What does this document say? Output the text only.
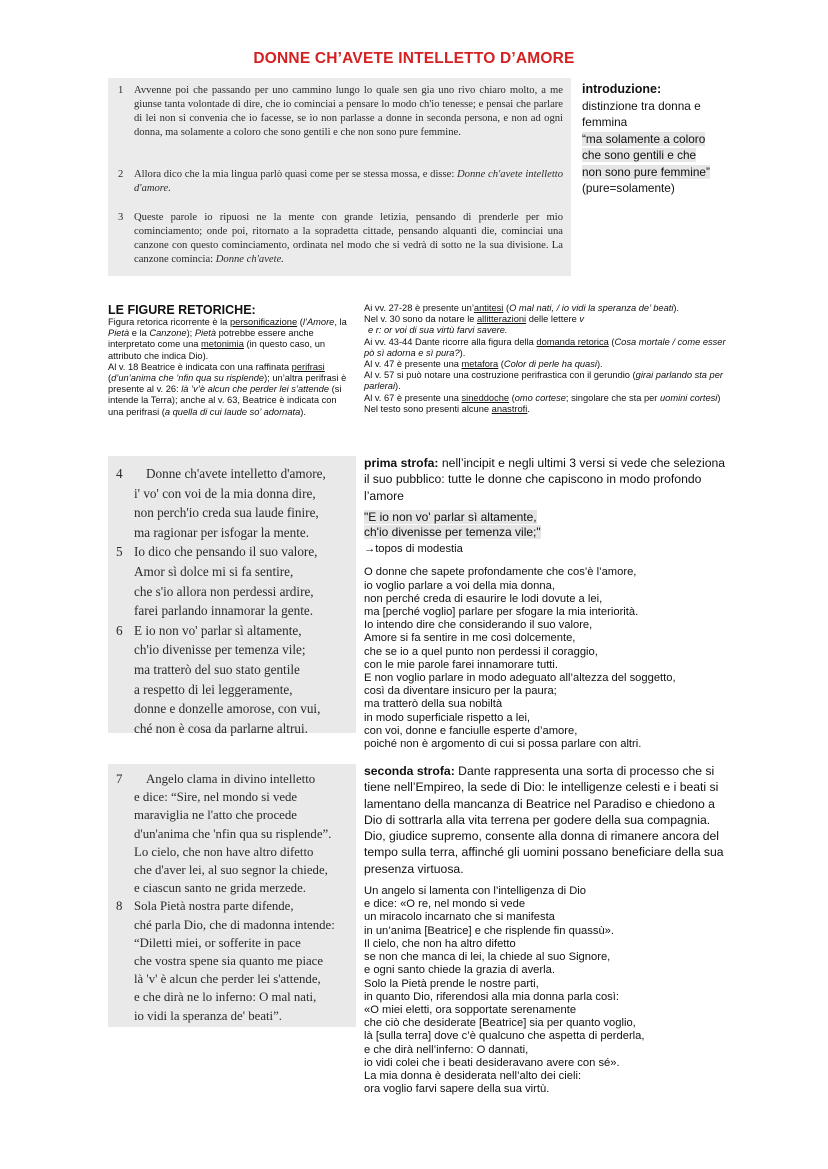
DONNE CH’AVETE INTELLETTO D’AMORE
1 Avvenne poi che passando per uno cammino lungo lo quale sen gia uno rivo chiaro molto, a me giunse tanta volontade di dire, che io cominciai a pensare lo modo ch'io tenesse; e pensai che parlare di lei non si convenia che io facesse, se io non parlasse a donne in seconda persona, e non ad ogni donna, ma solamente a coloro che sono gentili e che non sono pure femmine.
2 Allora dico che la mia lingua parlò quasi come per se stessa mossa, e disse: Donne ch'avete intelletto d'amore.
3 Queste parole io ripuosi ne la mente con grande letizia, pensando di prenderle per mio cominciamento; onde poi, ritornato a la sopradetta cittade, pensando alquanti die, cominciai una canzone con questo cominciamento, ordinata nel modo che si vedrà di sotto ne la sua divisione. La canzone comincia: Donne ch'avete.
introduzione:
distinzione tra donna e femmina
“ma solamente a coloro
che sono gentili e che
non sono pure femmine”
(pure=solamente)
LE FIGURE RETORICHE:
Figura retorica ricorrente è la personificazione (l’Amore, la Pietà e la Canzone); Pietà potrebbe essere anche interpretato come una metonimia (in questo caso, un attributo che indica Dio).
Al v. 18 Beatrice è indicata con una raffinata perifrasi (d’un’anima che ’nfin qua su risplende); un’altra perifrasi è presente al v. 26: là ’v’è alcun che perder lei s’attende (si intende la Terra); anche al v. 63, Beatrice è indicata con una perifrasi (a quella di cui laude so’ adornata).
Ai vv. 27-28 è presente un’antitesi (O mal nati, / io vidi la speranza de’ beati).
Nel v. 30 sono da notare le allitterazioni delle lettere v
e r: or voi di sua virtù farvi savere.
Ai vv. 43-44 Dante ricorre alla figura della domanda retorica (Cosa mortale / come esser pò sì adorna e sì pura?).
Al v. 47 è presente una metafora (Color di perle ha quasi).
Al v. 57 si può notare una costruzione perifrastica con il gerundio (girai parlando sta per parlerai).
Al v. 67 è presente una sineddoche (omo cortese; singolare che sta per uomini cortesi)
Nel testo sono presenti alcune anastrofi.
4 Donne ch'avete intelletto d'amore,
i' vo' con voi de la mia donna dire,
non perch'io creda sua laude finire,
ma ragionar per isfogar la mente.
5 Io dico che pensando il suo valore,
Amor sì dolce mi si fa sentire,
che s'io allora non perdessi ardire,
farei parlando innamorar la gente.
6 E io non vo' parlar sì altamente,
ch'io divenisse per temenza vile;
ma tratterò del suo stato gentile
a respetto di lei leggeramente,
donne e donzelle amorose, con vui,
ché non è cosa da parlarne altrui.
prima strofa: nell’incipit e negli ultimi 3 versi si vede che seleziona il suo pubblico: tutte le donne che capiscono in modo profondo l’amore
"E io non vo' parlar sì altamente,
ch'io divenisse per temenza vile;"
→topos di modestia
O donne che sapete profondamente che cos’è l’amore,
io voglio parlare a voi della mia donna,
non perché creda di esaurire le lodi dovute a lei,
ma [perché voglio] parlare per sfogare la mia interiorità.
Io intendo dire che considerando il suo valore,
Amore si fa sentire in me così dolcemente,
che se io a quel punto non perdessi il coraggio,
con le mie parole farei innamorare tutti.
E non voglio parlare in modo adeguato all’altezza del soggetto,
così da diventare insicuro per la paura;
ma tratterò della sua nobiltà
in modo superficiale rispetto a lei,
con voi, donne e fanciulle esperte d’amore,
poiché non è argomento di cui si possa parlare con altri.
7 Angelo clama in divino intelletto
e dice: “Sire, nel mondo si vede
maraviglia ne l'atto che procede
d'un'anima che 'nfin qua su risplende”.
Lo cielo, che non have altro difetto
che d'aver lei, al suo segnor la chiede,
e ciascun santo ne grida merzede.
8 Sola Pietà nostra parte difende,
ché parla Dio, che di madonna intende:
“Diletti miei, or sofferite in pace
che vostra spene sia quanto me piace
là 'v' è alcun che perder lei s'attende,
e che dirà ne lo inferno: O mal nati,
io vidi la speranza de' beati”.
seconda strofa: Dante rappresenta una sorta di processo che si tiene nell’Empireo, la sede di Dio: le intelligenze celesti e i beati si lamentano della mancanza di Beatrice nel Paradiso e chiedono a Dio di sottrarla alla vita terrena per godere della sua compagnia. Dio, giudice supremo, consente alla donna di rimanere ancora del tempo sulla terra, affinché gli uomini possano beneficiare della sua presenza virtuosa.
Un angelo si lamenta con l’intelligenza di Dio
e dice: «O re, nel mondo si vede
un miracolo incarnato che si manifesta
in un’anima [Beatrice] e che risplende fin quassù».
Il cielo, che non ha altro difetto
se non che manca di lei, la chiede al suo Signore,
e ogni santo chiede la grazia di averla.
Solo la Pietà prende le nostre parti,
in quanto Dio, riferendosi alla mia donna parla così:
«O miei eletti, ora sopportate serenamente
che ciò che desiderate [Beatrice] sia per quanto voglio,
là [sulla terra] dove c’è qualcuno che aspetta di perderla,
e che dirà nell’inferno: O dannati,
io vidi colei che i beati desideravano avere con sé».
La mia donna è desiderata nell’alto dei cieli:
ora voglio farvi sapere della sua virtù.
